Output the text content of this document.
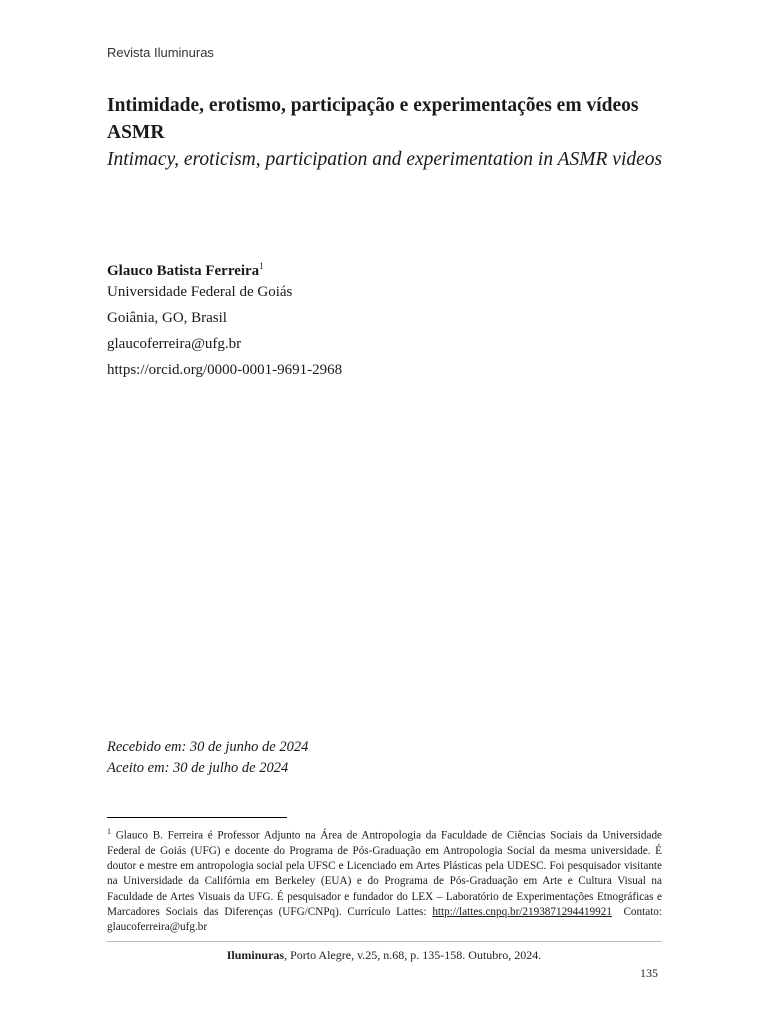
Revista Iluminuras
Intimidade, erotismo, participação e experimentações em vídeos ASMR
Intimacy, eroticism, participation and experimentation in ASMR videos
Glauco Batista Ferreira$^1$
Universidade Federal de Goiás
Goiânia, GO, Brasil
glaucoferreira@ufg.br
https://orcid.org/0000-0001-9691-2968
Recebido em: 30 de junho de 2024
Aceito em: 30 de julho de 2024
$^1$ Glauco B. Ferreira é Professor Adjunto na Área de Antropologia da Faculdade de Ciências Sociais da Universidade Federal de Goiás (UFG) e docente do Programa de Pós-Graduação em Antropologia Social da mesma universidade. É doutor e mestre em antropologia social pela UFSC e Licenciado em Artes Plásticas pela UDESC. Foi pesquisador visitante na Universidade da Califórnia em Berkeley (EUA) e do Programa de Pós-Graduação em Arte e Cultura Visual na Faculdade de Artes Visuais da UFG. É pesquisador e fundador do LEX – Laboratório de Experimentações Etnográficas e Marcadores Sociais das Diferenças (UFG/CNPq). Currículo Lattes: http://lattes.cnpq.br/2193871294419921 Contato: glaucoferreira@ufg.br
Iluminuras, Porto Alegre, v.25, n.68, p. 135-158. Outubro, 2024.
135
